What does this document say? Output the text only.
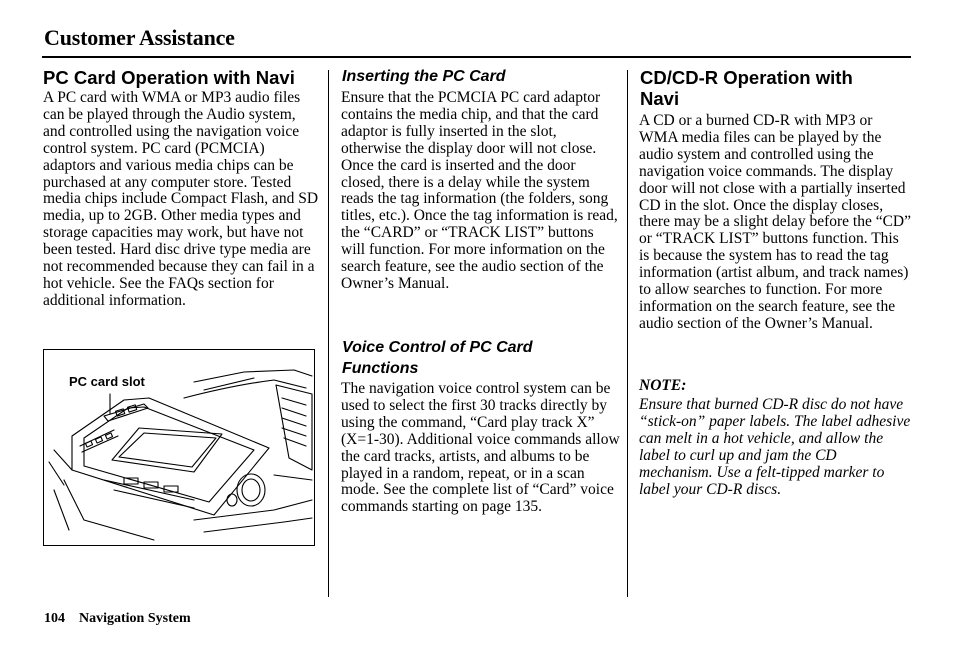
Customer Assistance
PC Card Operation with Navi

A PC card with WMA or MP3 audio files can be played through the Audio system, and controlled using the navigation voice control system. PC card (PCMCIA) adaptors and various media chips can be purchased at any computer store. Tested media chips include Compact Flash, and SD media, up to 2GB. Other media types and storage capacities may work, but have not been tested. Hard disc drive type media are not recommended because they can fail in a hot vehicle. See the FAQs section for additional information.

PC card slot
Inserting the PC Card

Ensure that the PCMCIA PC card adaptor contains the media chip, and that the card adaptor is fully inserted in the slot, otherwise the display door will not close. Once the card is inserted and the door closed, there is a delay while the system reads the tag information (the folders, song titles, etc.). Once the tag information is read, the “CARD” or “TRACK LIST” buttons will function. For more information on the search feature, see the audio section of the Owner’s Manual.

Voice Control of PC Card Functions

The navigation voice control system can be used to select the first 30 tracks directly by using the command, “Card play track X” (X=1-30). Additional voice commands allow the card tracks, artists, and albums to be played in a random, repeat, or in a scan mode. See the complete list of “Card” voice commands starting on page 135.

CD/CD-R Operation with Navi

A CD or a burned CD-R with MP3 or WMA media files can be played by the audio system and controlled using the navigation voice commands. The display door will not close with a partially inserted CD in the slot. Once the display closes, there may be a slight delay before the “CD” or “TRACK LIST” buttons function. This is because the system has to read the tag information (artist album, and track names) to allow searches to function. For more information on the search feature, see the audio section of the Owner’s Manual.

NOTE:

Ensure that burned CD-R disc do not have “stick-on” paper labels. The label adhesive can melt in a hot vehicle, and allow the label to curl up and jam the CD mechanism. Use a felt-tipped marker to label your CD-R discs.

104 Navigation System
